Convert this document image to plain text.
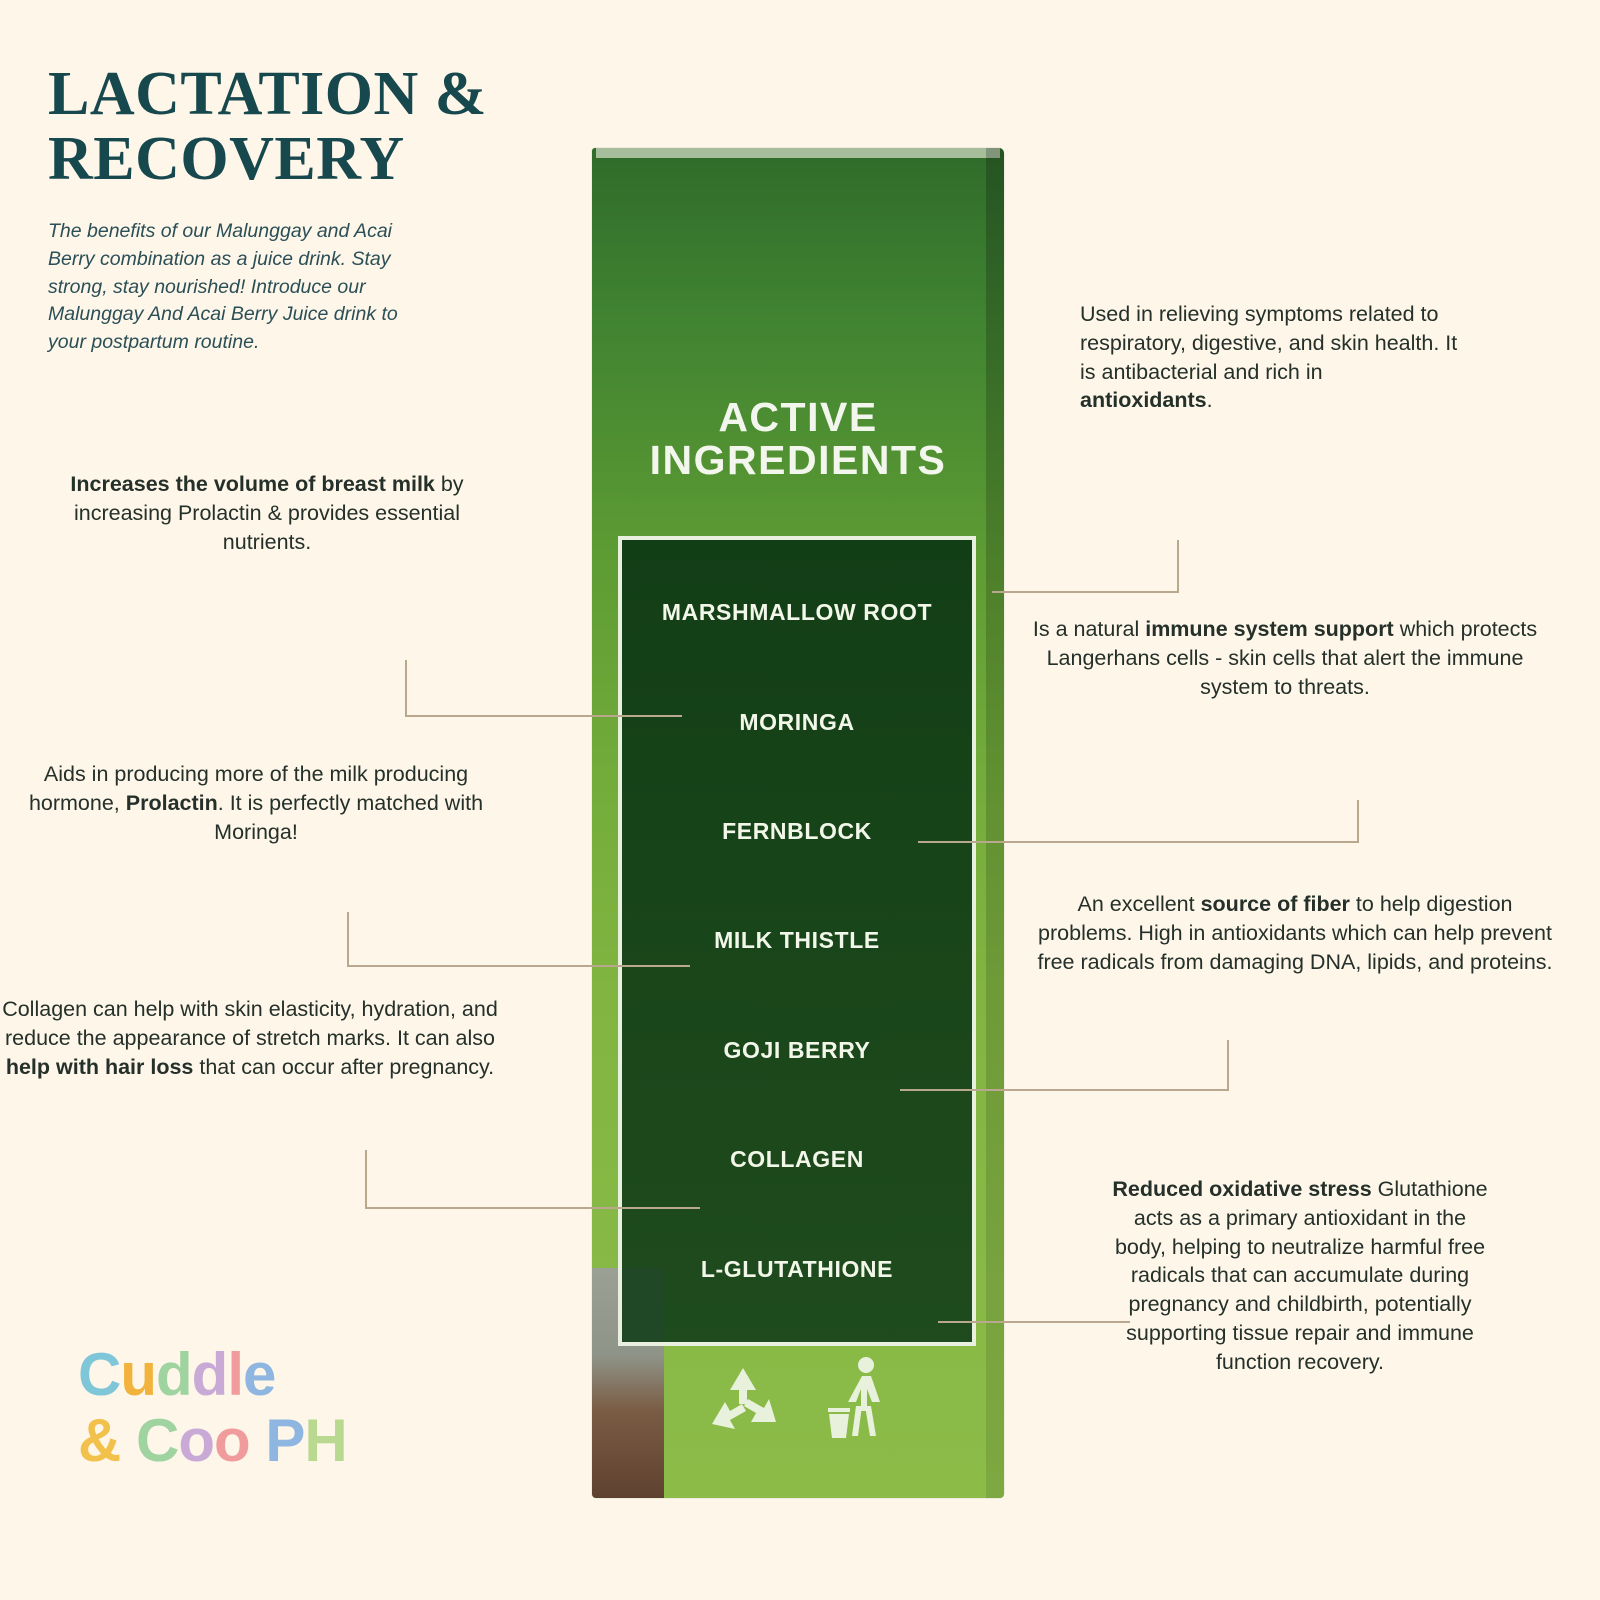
LACTATION & RECOVERY

The benefits of our Malunggay and Acai Berry combination as a juice drink. Stay strong, stay nourished! Introduce our Malunggay And Acai Berry Juice drink to your postpartum routine.

ACTIVE
INGREDIENTS
MARSHMALLOW ROOT
MORINGA
FERNBLOCK
MILK THISTLE
GOJI BERRY
COLLAGEN
L-GLUTATHIONE
Increases the volume of breast milk by increasing Prolactin & provides essential nutrients.
Aids in producing more of the milk producing hormone, Prolactin. It is perfectly matched with Moringa!
Collagen can help with skin elasticity, hydration, and reduce the appearance of stretch marks. It can also help with hair loss that can occur after pregnancy.
Used in relieving symptoms related to respiratory, digestive, and skin health. It is antibacterial and rich in antioxidants.
Is a natural immune system support which protects Langerhans cells - skin cells that alert the immune system to threats.
An excellent source of fiber to help digestion problems. High in antioxidants which can help prevent free radicals from damaging DNA, lipids, and proteins.
Reduced oxidative stress Glutathione acts as a primary antioxidant in the body, helping to neutralize harmful free radicals that can accumulate during pregnancy and childbirth, potentially supporting tissue repair and immune function recovery.
Cuddle
& Coo PH
